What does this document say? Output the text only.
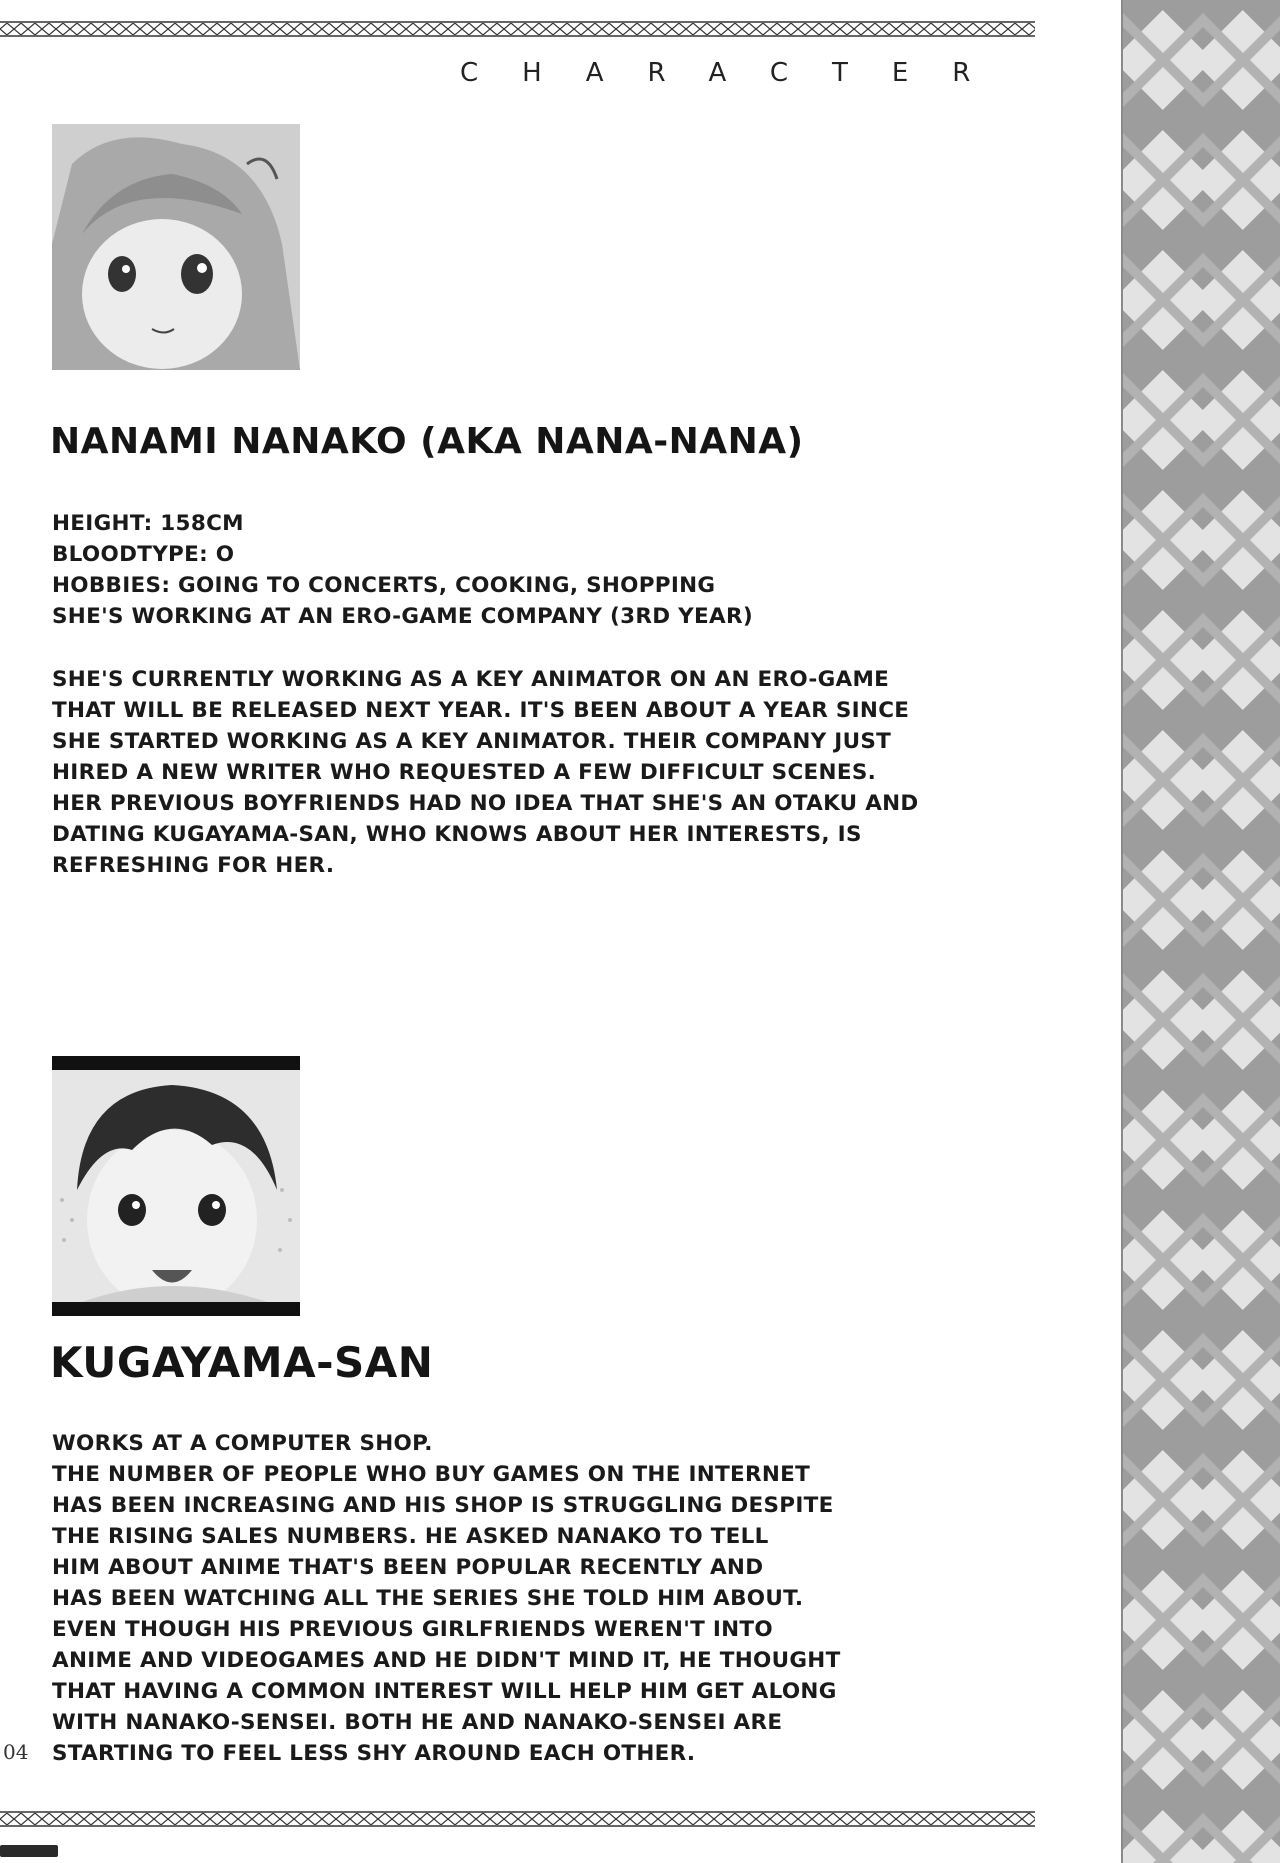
CHARACTER
NANAMI NANAKO (AKA NANA-NANA)

HEIGHT: 158CM

BLOODTYPE: O

HOBBIES: GOING TO CONCERTS, COOKING, SHOPPING

SHE'S WORKING AT AN ERO-GAME COMPANY (3RD YEAR)

SHE'S CURRENTLY WORKING AS A KEY ANIMATOR ON AN ERO-GAME

THAT WILL BE RELEASED NEXT YEAR. IT'S BEEN ABOUT A YEAR SINCE

SHE STARTED WORKING AS A KEY ANIMATOR. THEIR COMPANY JUST

HIRED A NEW WRITER WHO REQUESTED A FEW DIFFICULT SCENES.

HER PREVIOUS BOYFRIENDS HAD NO IDEA THAT SHE'S AN OTAKU AND

DATING KUGAYAMA-SAN, WHO KNOWS ABOUT HER INTERESTS, IS

REFRESHING FOR HER.

KUGAYAMA-SAN

WORKS AT A COMPUTER SHOP.

THE NUMBER OF PEOPLE WHO BUY GAMES ON THE INTERNET

HAS BEEN INCREASING AND HIS SHOP IS STRUGGLING DESPITE

THE RISING SALES NUMBERS. HE ASKED NANAKO TO TELL

HIM ABOUT ANIME THAT'S BEEN POPULAR RECENTLY AND

HAS BEEN WATCHING ALL THE SERIES SHE TOLD HIM ABOUT.

EVEN THOUGH HIS PREVIOUS GIRLFRIENDS WEREN'T INTO

ANIME AND VIDEOGAMES AND HE DIDN'T MIND IT, HE THOUGHT

THAT HAVING A COMMON INTEREST WILL HELP HIM GET ALONG

WITH NANAKO-SENSEI. BOTH HE AND NANAKO-SENSEI ARE

STARTING TO FEEL LESS SHY AROUND EACH OTHER.

04
